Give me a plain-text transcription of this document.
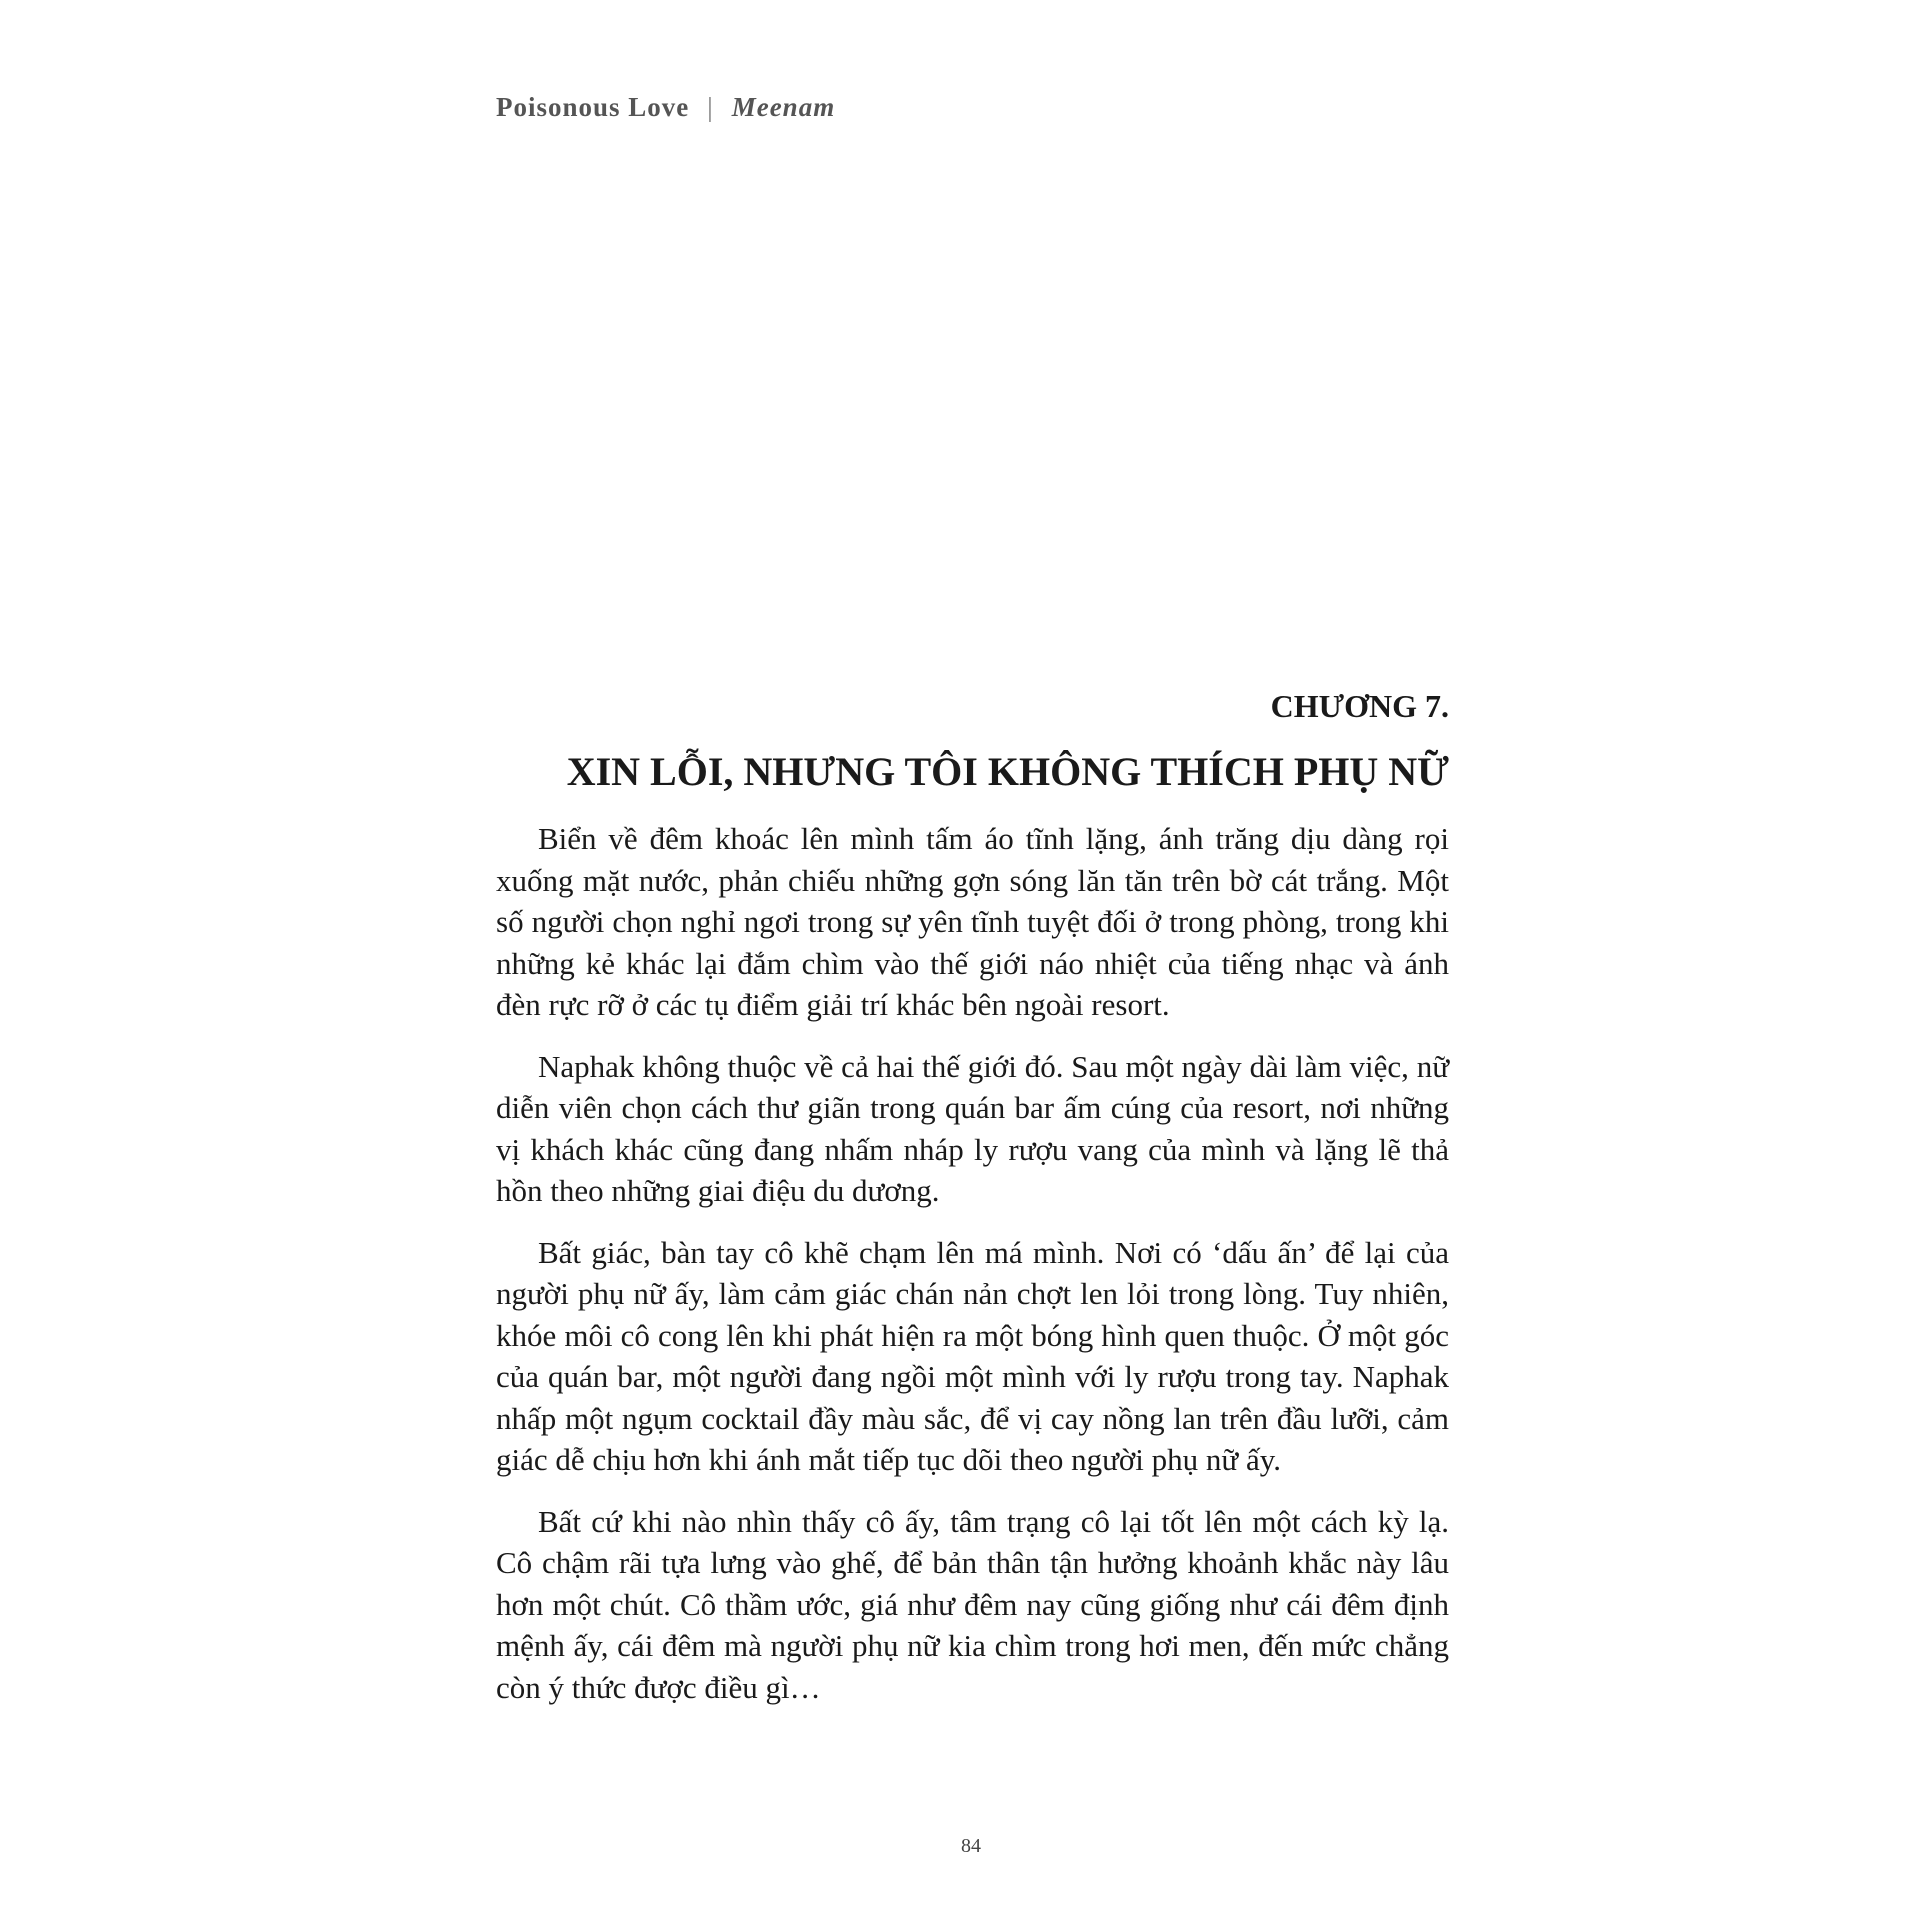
Poisonous Love | Meenam
CHƯƠNG 7.
XIN LỖI, NHƯNG TÔI KHÔNG THÍCH PHỤ NỮ

Biển về đêm khoác lên mình tấm áo tĩnh lặng, ánh trăng dịu dàng rọi xuống mặt nước, phản chiếu những gợn sóng lăn tăn trên bờ cát trắng. Một số người chọn nghỉ ngơi trong sự yên tĩnh tuyệt đối ở trong phòng, trong khi những kẻ khác lại đắm chìm vào thế giới náo nhiệt của tiếng nhạc và ánh đèn rực rỡ ở các tụ điểm giải trí khác bên ngoài resort.

Naphak không thuộc về cả hai thế giới đó. Sau một ngày dài làm việc, nữ diễn viên chọn cách thư giãn trong quán bar ấm cúng của resort, nơi những vị khách khác cũng đang nhấm nháp ly rượu vang của mình và lặng lẽ thả hồn theo những giai điệu du dương.

Bất giác, bàn tay cô khẽ chạm lên má mình. Nơi có ‘dấu ấn’ để lại của người phụ nữ ấy, làm cảm giác chán nản chợt len lỏi trong lòng. Tuy nhiên, khóe môi cô cong lên khi phát hiện ra một bóng hình quen thuộc. Ở một góc của quán bar, một người đang ngồi một mình với ly rượu trong tay. Naphak nhấp một ngụm cocktail đầy màu sắc, để vị cay nồng lan trên đầu lưỡi, cảm giác dễ chịu hơn khi ánh mắt tiếp tục dõi theo người phụ nữ ấy.

Bất cứ khi nào nhìn thấy cô ấy, tâm trạng cô lại tốt lên một cách kỳ lạ. Cô chậm rãi tựa lưng vào ghế, để bản thân tận hưởng khoảnh khắc này lâu hơn một chút. Cô thầm ước, giá như đêm nay cũng giống như cái đêm định mệnh ấy, cái đêm mà người phụ nữ kia chìm trong hơi men, đến mức chẳng còn ý thức được điều gì…

84
